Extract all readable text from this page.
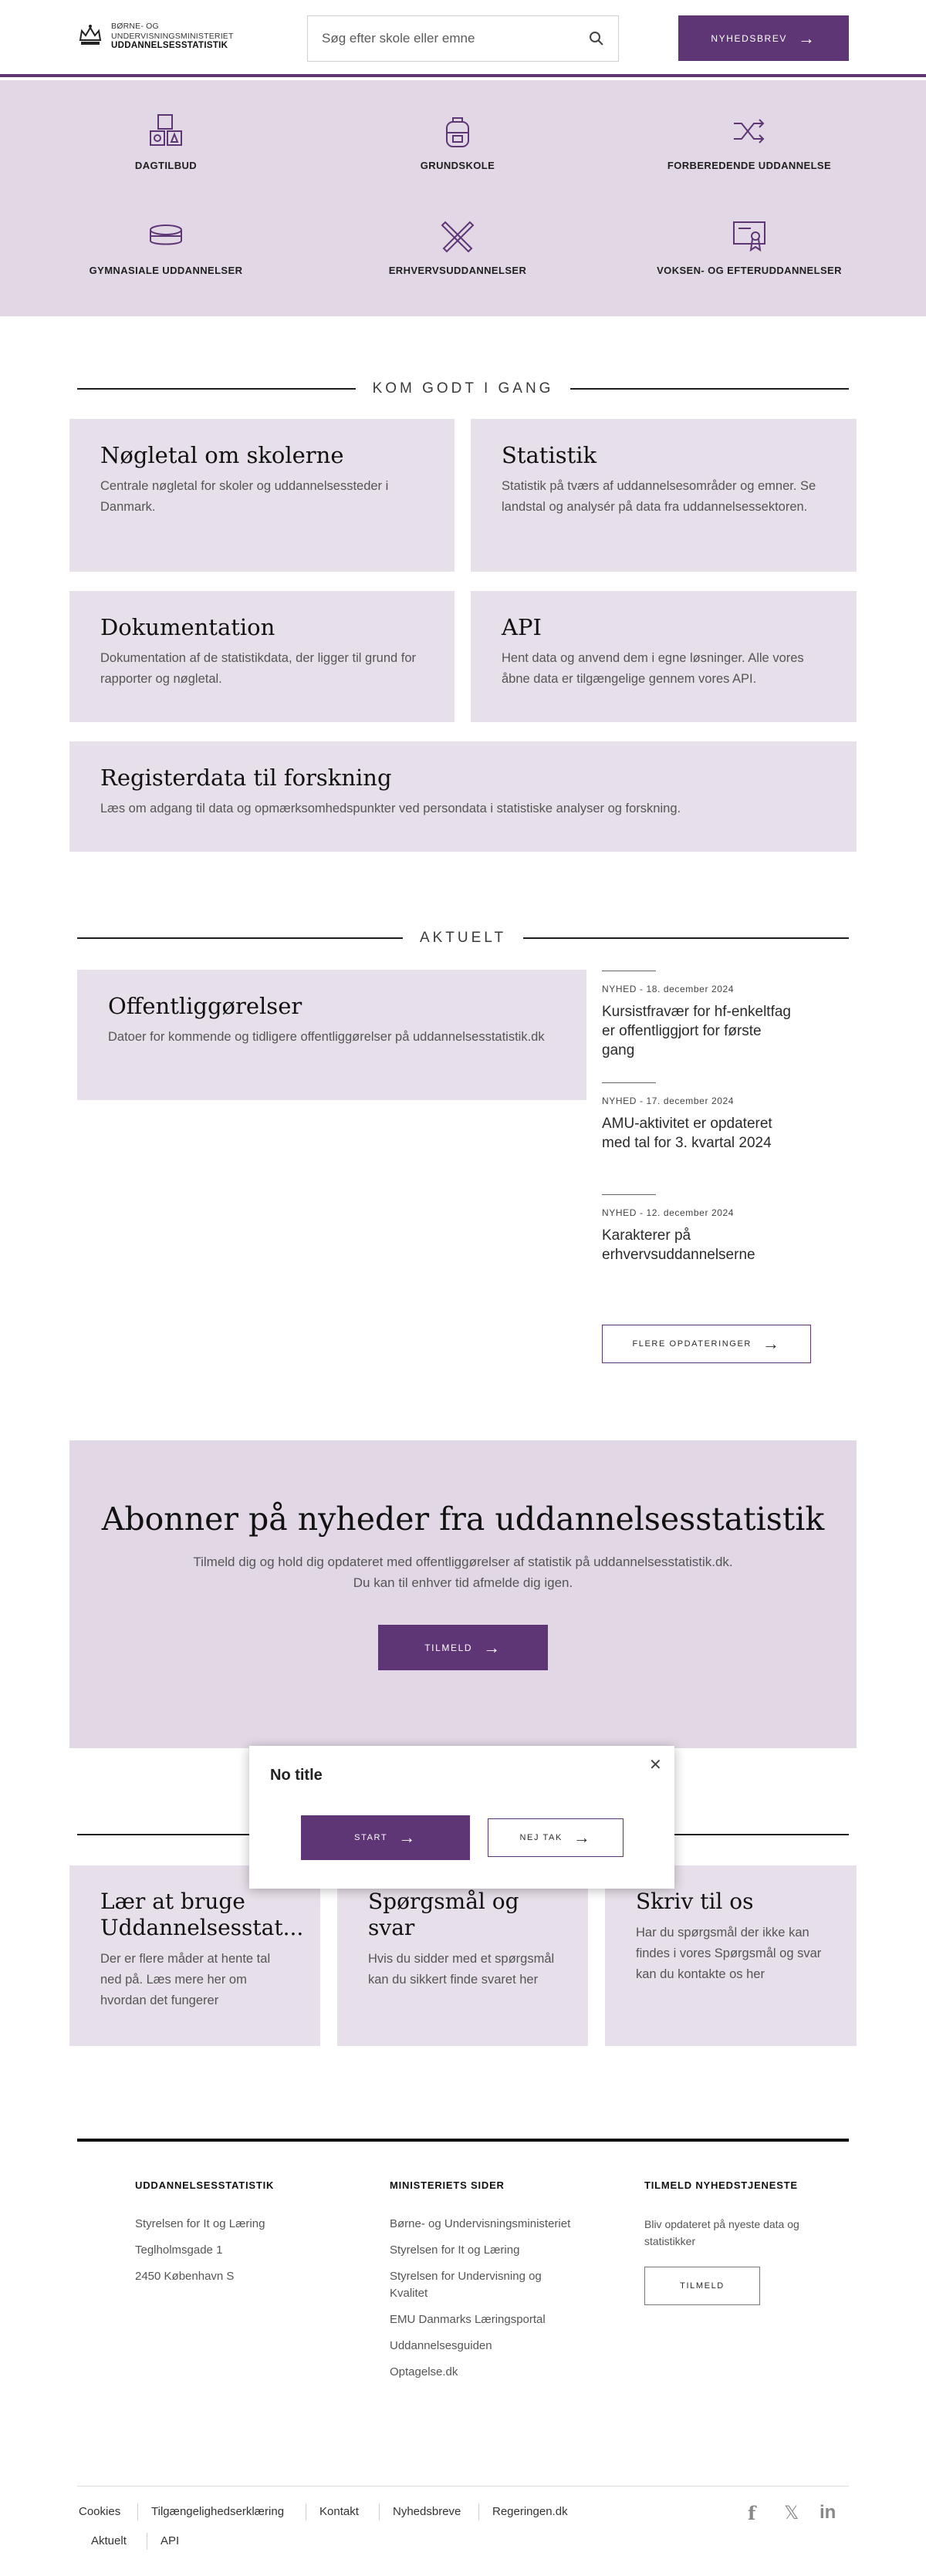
BØRNE- OG
UNDERVISNINGSMINISTERIET
UDDANNELSESSTATISTIK	Søg efter skole eller emne	NYHEDSBREV →
DAGTILBUD	GRUNDSKOLE	FORBEREDENDE UDDANNELSE
GYMNASIALE UDDANNELSER	ERHVERVSUDDANNELSER	VOKSEN- OG EFTERUDDANNELSER
KOM GODT I GANG
Nøgletal om skolerne

Centrale nøgletal for skoler og uddannelsessteder i Danmark.

Statistik

Statistik på tværs af uddannelsesområder og emner. Se landstal og analysér på data fra uddannelsessektoren.

Dokumentation

Dokumentation af de statistikdata, der ligger til grund for rapporter og nøgletal.

API

Hent data og anvend dem i egne løsninger. Alle vores åbne data er tilgængelige gennem vores API.

Registerdata til forskning

Læs om adgang til data og opmærksomhedspunkter ved persondata i statistiske analyser og forskning.

AKTUELT
Offentliggørelser

Datoer for kommende og tidligere offentliggørelser på uddannelsesstatistik.dk

NYHED - 18. december 2024
Kursistfravær for hf-enkeltfag er offentliggjort for første gang
NYHED - 17. december 2024
AMU-aktivitet er opdateret med tal for 3. kvartal 2024
NYHED - 12. december 2024
Karakterer på erhvervsuddannelserne
FLERE OPDATERINGER →
Abonner på nyheder fra uddannelsesstatistik

Tilmeld dig og hold dig opdateret med offentliggørelser af statistik på uddannelsesstatistik.dk.
Du kan til enhver tid afmelde dig igen.

TILMELD →
Lær at bruge Uddannelsesstat...

Der er flere måder at hente tal ned på. Læs mere her om hvordan det fungerer

Spørgsmål og svar

Hvis du sidder med et spørgsmål kan du sikkert finde svaret her

Skriv til os

Har du spørgsmål der ikke kan findes i vores Spørgsmål og svar kan du kontakte os her

No title
✕
START →	NEJ TAK →
UDDANNELSESSTATISTIK
Styrelsen for It og Læring
Teglholmsgade 1
2450 København S
MINISTERIETS SIDER
Børne- og Undervisningsministeriet
Styrelsen for It og Læring
Styrelsen for Undervisning og Kvalitet
EMU Danmarks Læringsportal
Uddannelsesguiden
Optagelse.dk
TILMELD NYHEDSTJENESTE
Bliv opdateret på nyeste data og statistikker
TILMELD
Cookies	Tilgængelighedserklæring	Kontakt	Nyhedsbreve	Regeringen.dk
Aktuelt	API
f 𝕏 in
